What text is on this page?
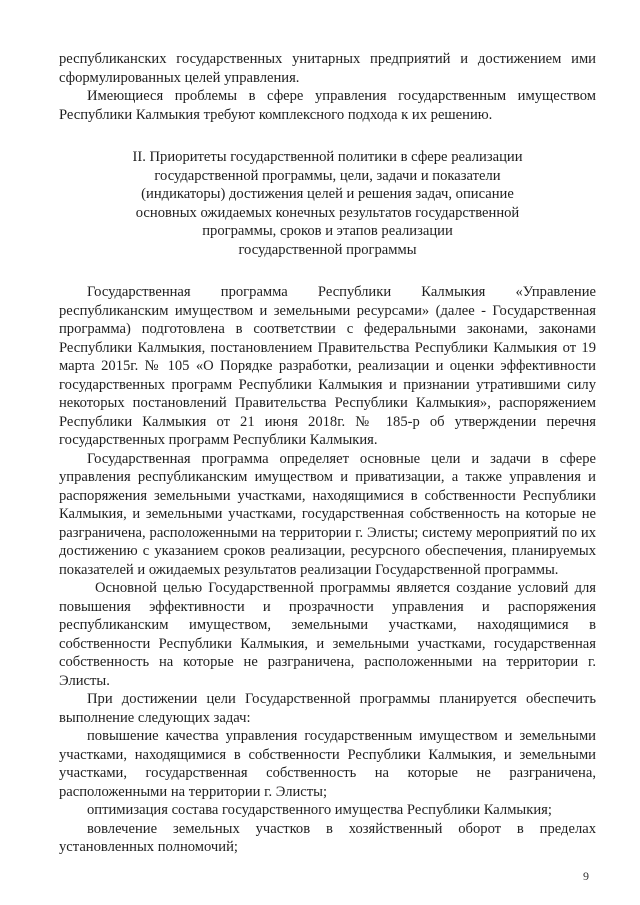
республиканских государственных унитарных предприятий и достижением ими сформулированных целей управления.

Имеющиеся проблемы в сфере управления государственным имуществом Республики Калмыкия требуют комплексного подхода к их решению.

II. Приоритеты государственной политики в сфере реализации
государственной программы, цели, задачи и показатели
(индикаторы) достижения целей и решения задач, описание
основных ожидаемых конечных результатов государственной
программы, сроков и этапов реализации
государственной программы

Государственная программа Республики Калмыкия «Управление республиканским имуществом и земельными ресурсами» (далее - Государственная программа) подготовлена в соответствии с федеральными законами, законами Республики Калмыкия, постановлением Правительства Республики Калмыкия от 19 марта 2015г. № 105 «О Порядке разработки, реализации и оценки эффективности государственных программ Республики Калмыкия и признании утратившими силу некоторых постановлений Правительства Республики Калмыкия», распоряжением Республики Калмыкия от 21 июня 2018г. № 185-р об утверждении перечня государственных программ Республики Калмыкия.

Государственная программа определяет основные цели и задачи в сфере управления республиканским имуществом и приватизации, а также управления и распоряжения земельными участками, находящимися в собственности Республики Калмыкия, и земельными участками, государственная собственность на которые не разграничена, расположенными на территории г. Элисты; систему мероприятий по их достижению с указанием сроков реализации, ресурсного обеспечения, планируемых показателей и ожидаемых результатов реализации Государственной программы.

Основной целью Государственной программы является создание условий для повышения эффективности и прозрачности управления и распоряжения республиканским имуществом, земельными участками, находящимися в собственности Республики Калмыкия, и земельными участками, государственная собственность на которые не разграничена, расположенными на территории г. Элисты.

При достижении цели Государственной программы планируется обеспечить выполнение следующих задач:

повышение качества управления государственным имуществом и земельными участками, находящимися в собственности Республики Калмыкия, и земельными участками, государственная собственность на которые не разграничена, расположенными на территории г. Элисты;

оптимизация состава государственного имущества Республики Калмыкия;

вовлечение земельных участков в хозяйственный оборот в пределах установленных полномочий;

9
